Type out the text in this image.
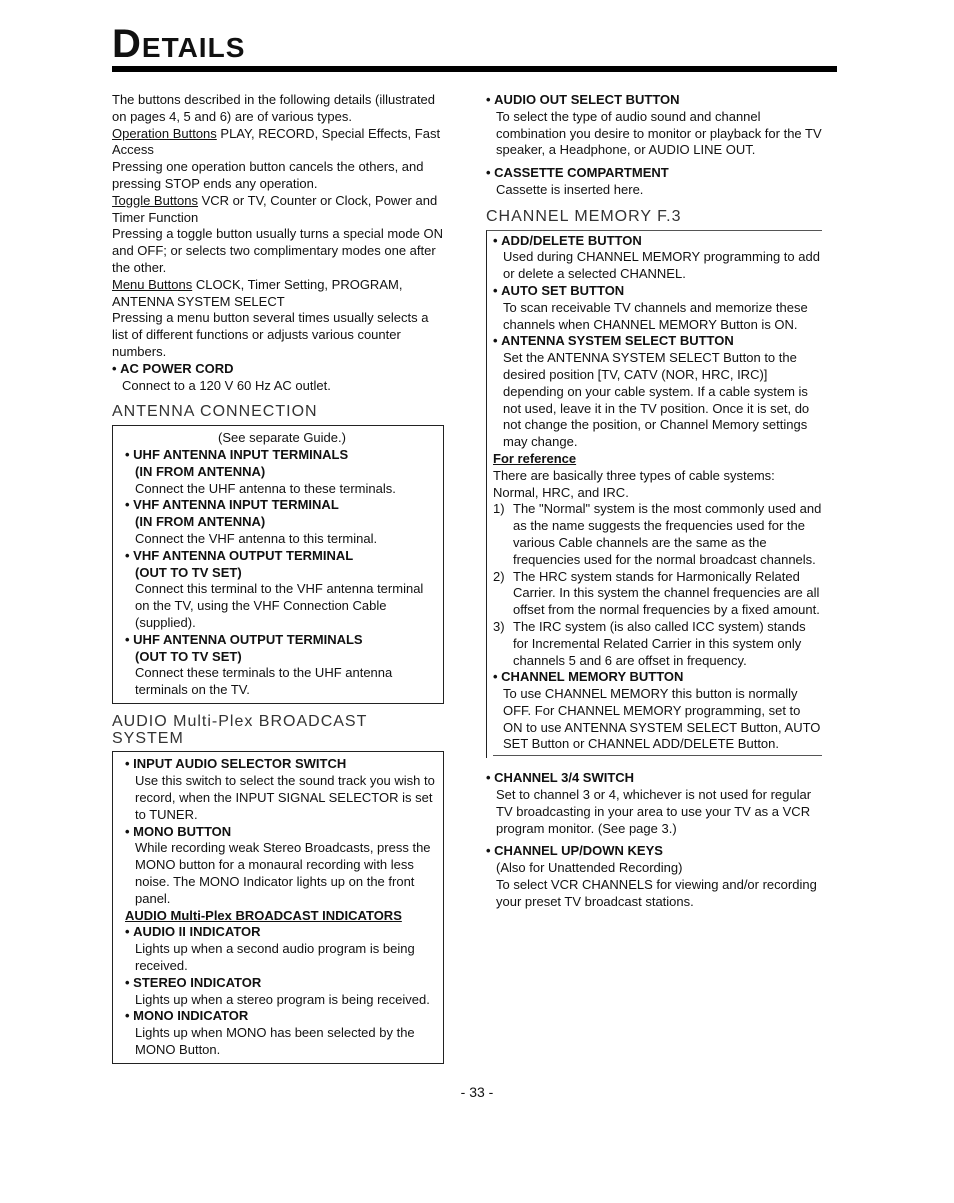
Details

The buttons described in the following details (illustrated on pages 4, 5 and 6) are of various types.

Operation Buttons PLAY, RECORD, Special Effects, Fast Access

Pressing one operation button cancels the others, and pressing STOP ends any operation.

Toggle Buttons VCR or TV, Counter or Clock, Power and Timer Function

Pressing a toggle button usually turns a special mode ON and OFF; or selects two complimentary modes one after the other.

Menu Buttons CLOCK, Timer Setting, PROGRAM, ANTENNA SYSTEM SELECT

Pressing a menu button several times usually selects a list of different functions or adjusts various counter numbers.

• AC POWER CORD

Connect to a 120 V 60 Hz AC outlet.

ANTENNA CONNECTION

(See separate Guide.)

• UHF ANTENNA INPUT TERMINALS

(IN FROM ANTENNA)

Connect the UHF antenna to these terminals.

• VHF ANTENNA INPUT TERMINAL

(IN FROM ANTENNA)

Connect the VHF antenna to this terminal.

• VHF ANTENNA OUTPUT TERMINAL

(OUT TO TV SET)

Connect this terminal to the VHF antenna terminal on the TV, using the VHF Connection Cable (supplied).

• UHF ANTENNA OUTPUT TERMINALS

(OUT TO TV SET)

Connect these terminals to the UHF antenna terminals on the TV.

AUDIO Multi-Plex BROADCAST SYSTEM

• INPUT AUDIO SELECTOR SWITCH

Use this switch to select the sound track you wish to record, when the INPUT SIGNAL SELECTOR is set to TUNER.

• MONO BUTTON

While recording weak Stereo Broadcasts, press the MONO button for a monaural recording with less noise. The MONO Indicator lights up on the front panel.

AUDIO Multi-Plex BROADCAST INDICATORS

• AUDIO II INDICATOR

Lights up when a second audio program is being received.

• STEREO INDICATOR

Lights up when a stereo program is being received.

• MONO INDICATOR

Lights up when MONO has been selected by the MONO Button.

• AUDIO OUT SELECT BUTTON

To select the type of audio sound and channel combination you desire to monitor or playback for the TV speaker, a Headphone, or AUDIO LINE OUT.

• CASSETTE COMPARTMENT

Cassette is inserted here.

CHANNEL MEMORY F.3

• ADD/DELETE BUTTON

Used during CHANNEL MEMORY programming to add or delete a selected CHANNEL.

• AUTO SET BUTTON

To scan receivable TV channels and memorize these channels when CHANNEL MEMORY Button is ON.

• ANTENNA SYSTEM SELECT BUTTON

Set the ANTENNA SYSTEM SELECT Button to the desired position [TV, CATV (NOR, HRC, IRC)] depending on your cable system. If a cable system is not used, leave it in the TV position. Once it is set, do not change the position, or Channel Memory settings may change.

For reference

There are basically three types of cable systems: Normal, HRC, and IRC.

1) The "Normal" system is the most commonly used and as the name suggests the frequencies used for the various Cable channels are the same as the frequencies used for the normal broadcast channels.
2) The HRC system stands for Harmonically Related Carrier. In this system the channel frequencies are all offset from the normal frequencies by a fixed amount.
3) The IRC system (is also called ICC system) stands for Incremental Related Carrier in this system only channels 5 and 6 are offset in frequency.

• CHANNEL MEMORY BUTTON

To use CHANNEL MEMORY this button is normally OFF. For CHANNEL MEMORY programming, set to ON to use ANTENNA SYSTEM SELECT Button, AUTO SET Button or CHANNEL ADD/DELETE Button.

• CHANNEL 3/4 SWITCH

Set to channel 3 or 4, whichever is not used for regular TV broadcasting in your area to use your TV as a VCR program monitor. (See page 3.)

• CHANNEL UP/DOWN KEYS

(Also for Unattended Recording)

To select VCR CHANNELS for viewing and/or recording your preset TV broadcast stations.

- 33 -
